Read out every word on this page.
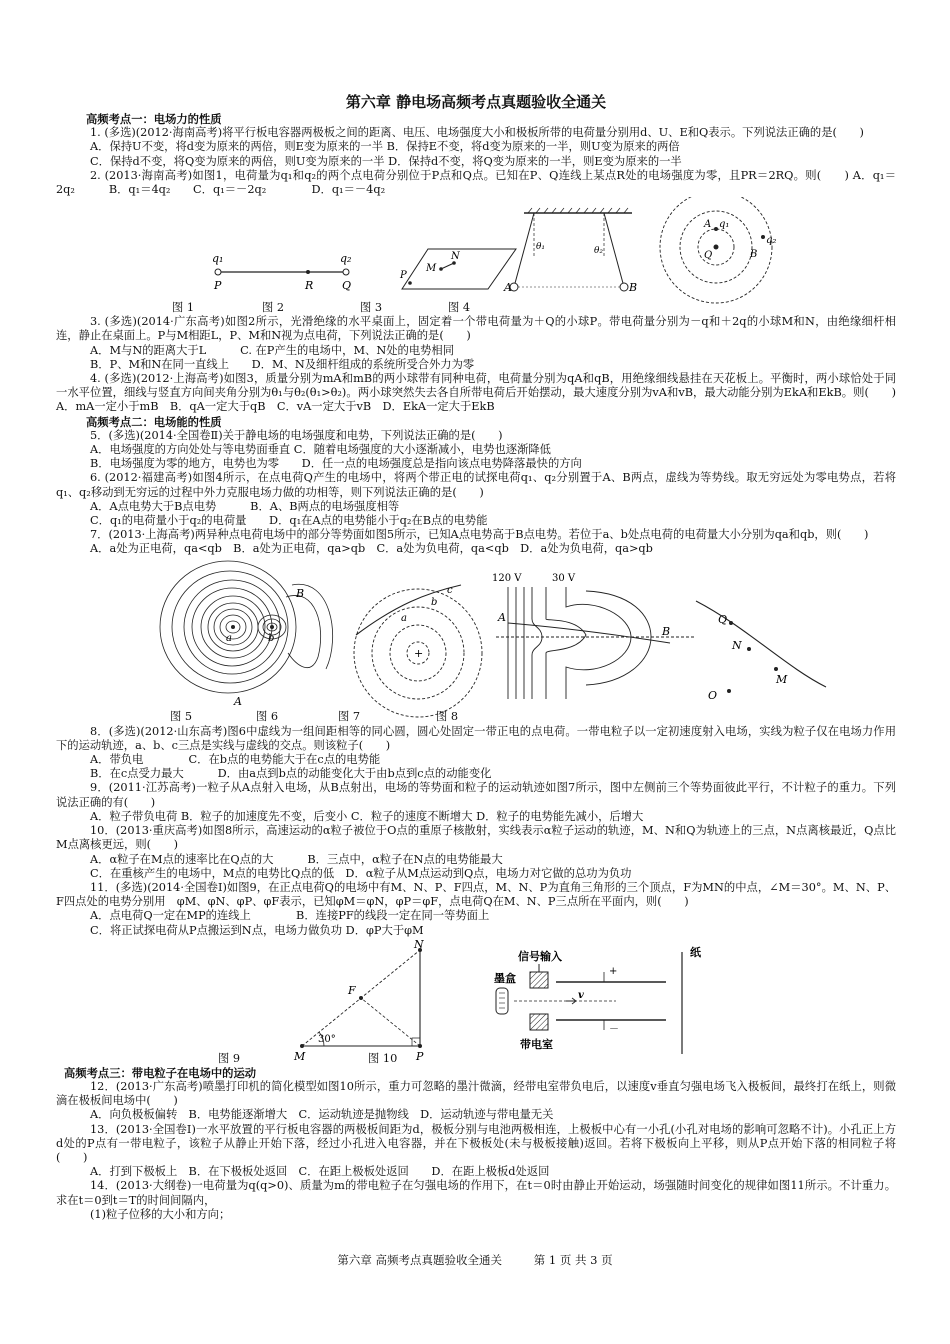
第六章 静电场高频考点真题验收全通关
高频考点一：电场力的性质
1. (多选)(2012·海南高考)将平行板电容器两极板之间的距离、电压、电场强度大小和极板所带的电荷量分别用d、U、E和Q表示。下列说法正确的是(　　)
A．保持U不变，将d变为原来的两倍，则E变为原来的一半 B．保持E不变，将d变为原来的一半，则U变为原来的两倍
C．保持d不变，将Q变为原来的两倍，则U变为原来的一半 D．保持d不变，将Q变为原来的一半，则E变为原来的一半
2. (2013·海南高考)如图1，电荷量为q₁和q₂的两个点电荷分别位于P点和Q点。已知在P、Q连线上某点R处的电场强度为零，且PR＝2RQ。则(　　) A．q₁＝2q₂　　　B．q₁＝4q₂　　C．q₁＝－2q₂　　　　D．q₁＝－4q₂
q₁	q₂
P	R	Q
M
N
P
θ₁	θ₂
A	B
A q₁
Q	B
q₂
图 1	图 2	图 3	图 4
3. (多选)(2014·广东高考)如图2所示，光滑绝缘的水平桌面上，固定着一个带电荷量为＋Q的小球P。带电荷量分别为－q和＋2q的小球M和N，由绝缘细杆相连，静止在桌面上。P与M相距L，P、M和N视为点电荷，下列说法正确的是(　　)
A．M与N的距离大于L　　　C. 在P产生的电场中，M、N处的电势相同
B．P、M和N在同一直线上　　D．M、N及细杆组成的系统所受合外力为零
4. (多选)(2012·上海高考)如图3，质量分别为mA和mB的两小球带有同种电荷，电荷量分别为qA和qB，用绝缘细线悬挂在天花板上。平衡时，两小球恰处于同一水平位置，细线与竖直方向间夹角分别为θ₁与θ₂(θ₁>θ₂)。两小球突然失去各自所带电荷后开始摆动，最大速度分别为vA和vB，最大动能分别为EkA和EkB。则(　　) A．mA一定小于mB　B．qA一定大于qB　C．vA一定大于vB　D．EkA一定大于EkB
高频考点二：电场能的性质
5．(多选)(2014·全国卷Ⅱ)关于静电场的电场强度和电势，下列说法正确的是(　　)
A．电场强度的方向处处与等电势面垂直 C．随着电场强度的大小逐渐减小，电势也逐渐降低
B．电场强度为零的地方，电势也为零　　D．任一点的电场强度总是指向该点电势降落最快的方向
6. (2012·福建高考)如图4所示，在点电荷Q产生的电场中，将两个带正电的试探电荷q₁、q₂分别置于A、B两点，虚线为等势线。取无穷远处为零电势点，若将q₁、q₂移动到无穷远的过程中外力克服电场力做的功相等，则下列说法正确的是(　　)
A．A点电势大于B点电势　　　B．A、B两点的电场强度相等
C．q₁的电荷量小于q₂的电荷量　　D．q₁在A点的电势能小于q₂在B点的电势能
7．(2013·上海高考)两异种点电荷电场中的部分等势面如图5所示，已知A点电势高于B点电势。若位于a、b处点电荷的电荷量大小分别为qa和qb，则(　　)
A．a处为正电荷，qa<qb　B．a处为正电荷，qa>qb　C．a处为负电荷，qa<qb　D．a处为负电荷，qa>qb
a	b
B
A
a
b
c
+
120 V	30 V
A
B
Q
N
M
O
图 5	图 6	图 7	图 8
8．(多选)(2012·山东高考)图6中虚线为一组间距相等的同心圆，圆心处固定一带正电的点电荷。一带电粒子以一定初速度射入电场，实线为粒子仅在电场力作用下的运动轨迹，a、b、c三点是实线与虚线的交点。则该粒子(　　)
A．带负电　　　　C．在b点的电势能大于在c点的电势能
B．在c点受力最大　　　D．由a点到b点的动能变化大于由b点到c点的动能变化
9．(2011·江苏高考)一粒子从A点射入电场，从B点射出，电场的等势面和粒子的运动轨迹如图7所示，图中左侧前三个等势面彼此平行，不计粒子的重力。下列说法正确的有(　　)
A．粒子带负电荷 B．粒子的加速度先不变，后变小 C．粒子的速度不断增大 D．粒子的电势能先减小，后增大
10．(2013·重庆高考)如图8所示，高速运动的α粒子被位于O点的重原子核散射，实线表示α粒子运动的轨迹，M、N和Q为轨迹上的三点，N点离核最近，Q点比M点离核更远，则(　　)
A．α粒子在M点的速率比在Q点的大　　　B．三点中，α粒子在N点的电势能最大
C．在重核产生的电场中，M点的电势比Q点的低　D．α粒子从M点运动到Q点，电场力对它做的总功为负功
11．(多选)(2014·全国卷Ⅰ)如图9，在正点电荷Q的电场中有M、N、P、F四点，M、N、P为直角三角形的三个顶点，F为MN的中点，∠M＝30°。M、N、P、F四点处的电势分别用　φM、φN、φP、φF表示，已知φM＝φN，φP＝φF，点电荷Q在M、N、P三点所在平面内，则(　　)
A．点电荷Q一定在MP的连线上　　　　B．连接PF的线段一定在同一等势面上
C．将正试探电荷从P点搬运到N点，电场力做负功 D．φP大于φM
N
F
30°
M	P
信号输入	纸
墨盒
v
+
－
带电室
图 9	图 10
高频考点三：带电粒子在电场中的运动
12．(2013·广东高考)喷墨打印机的简化模型如图10所示，重力可忽略的墨汁微滴，经带电室带负电后，以速度v垂直匀强电场飞入极板间，最终打在纸上，则微滴在极板间电场中(　　)
A．向负极板偏转　B．电势能逐渐增大　C．运动轨迹是抛物线　D．运动轨迹与带电量无关
13．(2013·全国卷Ⅰ)一水平放置的平行板电容器的两极板间距为d，极板分别与电池两极相连，上极板中心有一小孔(小孔对电场的影响可忽略不计)。小孔正上方d处的P点有一带电粒子，该粒子从静止开始下落，经过小孔进入电容器，并在下极板处(未与极板接触)返回。若将下极板向上平移，则从P点开始下落的相同粒子将(　　)
A．打到下极板上　B．在下极板处返回　C．在距上极板处返回　　D．在距上极板d处返回
14．(2013·大纲卷)一电荷量为q(q>0)、质量为m的带电粒子在匀强电场的作用下，在t＝0时由静止开始运动，场强随时间变化的规律如图11所示。不计重力。求在t＝0到t＝T的时间间隔内，
(1)粒子位移的大小和方向；
第六章 高频考点真题验收全通关	第 1 页 共 3 页
